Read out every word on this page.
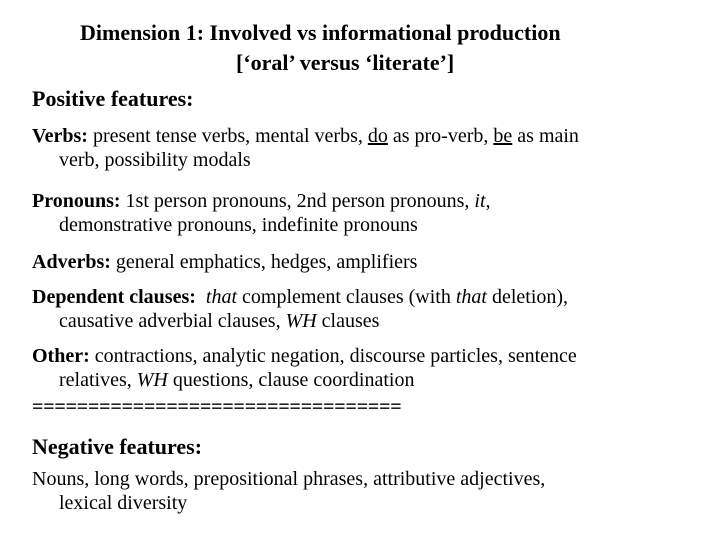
Dimension 1: Involved vs informational production
[‘oral’ versus ‘literate’]
Positive features:
Verbs: present tense verbs, mental verbs, do as pro‑verb, be as main
verb, possibility modals
Pronouns: 1st person pronouns, 2nd person pronouns, it,
demonstrative pronouns, indefinite pronouns
Adverbs: general emphatics, hedges, amplifiers
Dependent clauses: that complement clauses (with that deletion),
causative adverbial clauses, WH clauses
Other: contractions, analytic negation, discourse particles, sentence
relatives, WH questions, clause coordination
=================================
Negative features:
Nouns, long words, prepositional phrases, attributive adjectives,
lexical diversity
